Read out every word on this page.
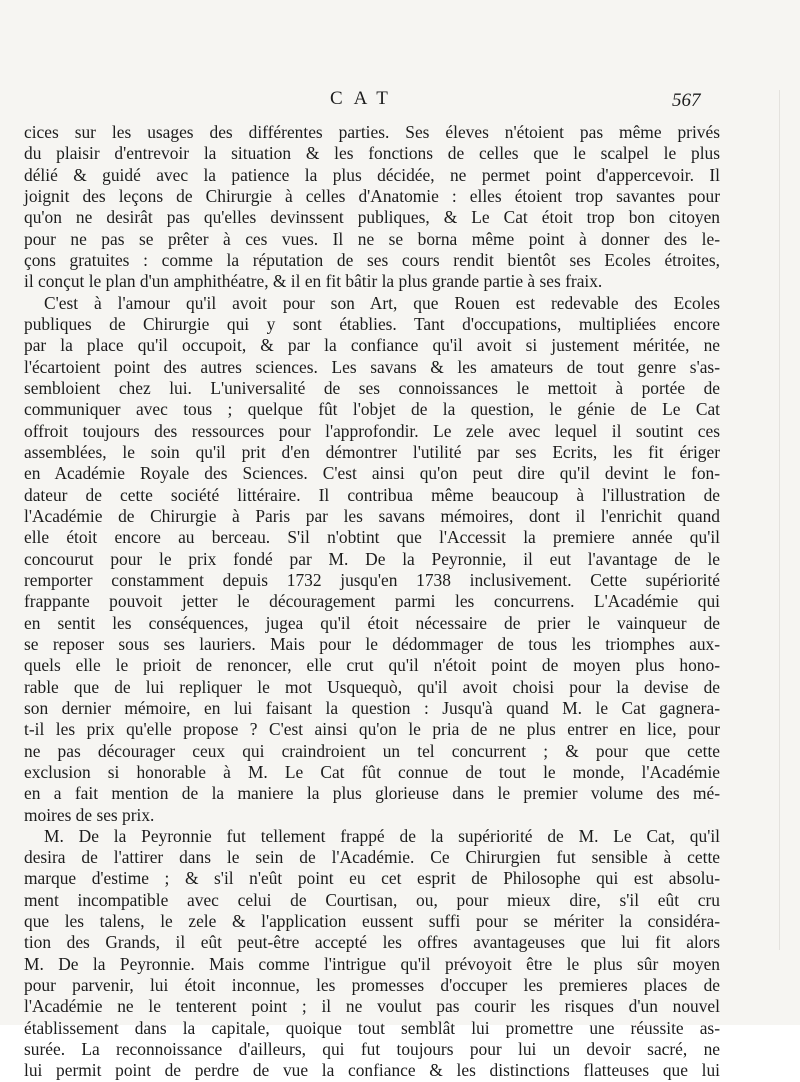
CAT	567
cices sur les usages des différentes parties. Ses éleves n'étoient pas même privés
du plaisir d'entrevoir la situation & les fonctions de celles que le scalpel le plus
délié & guidé avec la patience la plus décidée, ne permet point d'appercevoir. Il
joignit des leçons de Chirurgie à celles d'Anatomie : elles étoient trop savantes pour
qu'on ne desirât pas qu'elles devinssent publiques, & Le Cat étoit trop bon citoyen
pour ne pas se prêter à ces vues. Il ne se borna même point à donner des le-
çons gratuites : comme la réputation de ses cours rendit bientôt ses Ecoles étroites,
il conçut le plan d'un amphithéatre, & il en fit bâtir la plus grande partie à ses fraix.
C'est à l'amour qu'il avoit pour son Art, que Rouen est redevable des Ecoles
publiques de Chirurgie qui y sont établies. Tant d'occupations, multipliées encore
par la place qu'il occupoit, & par la confiance qu'il avoit si justement méritée, ne
l'écartoient point des autres sciences. Les savans & les amateurs de tout genre s'as-
sembloient chez lui. L'universalité de ses connoissances le mettoit à portée de
communiquer avec tous ; quelque fût l'objet de la question, le génie de Le Cat
offroit toujours des ressources pour l'approfondir. Le zele avec lequel il soutint ces
assemblées, le soin qu'il prit d'en démontrer l'utilité par ses Ecrits, les fit ériger
en Académie Royale des Sciences. C'est ainsi qu'on peut dire qu'il devint le fon-
dateur de cette société littéraire. Il contribua même beaucoup à l'illustration de
l'Académie de Chirurgie à Paris par les savans mémoires, dont il l'enrichit quand
elle étoit encore au berceau. S'il n'obtint que l'Accessit la premiere année qu'il
concourut pour le prix fondé par M. De la Peyronnie, il eut l'avantage de le
remporter constamment depuis 1732 jusqu'en 1738 inclusivement. Cette supériorité
frappante pouvoit jetter le découragement parmi les concurrens. L'Académie qui
en sentit les conséquences, jugea qu'il étoit nécessaire de prier le vainqueur de
se reposer sous ses lauriers. Mais pour le dédommager de tous les triomphes aux-
quels elle le prioit de renoncer, elle crut qu'il n'étoit point de moyen plus hono-
rable que de lui repliquer le mot Usquequò, qu'il avoit choisi pour la devise de
son dernier mémoire, en lui faisant la question : Jusqu'à quand M. le Cat gagnera-
t-il les prix qu'elle propose ? C'est ainsi qu'on le pria de ne plus entrer en lice, pour
ne pas décourager ceux qui craindroient un tel concurrent ; & pour que cette
exclusion si honorable à M. Le Cat fût connue de tout le monde, l'Académie
en a fait mention de la maniere la plus glorieuse dans le premier volume des mé-
moires de ses prix.
M. De la Peyronnie fut tellement frappé de la supériorité de M. Le Cat, qu'il
desira de l'attirer dans le sein de l'Académie. Ce Chirurgien fut sensible à cette
marque d'estime ; & s'il n'eût point eu cet esprit de Philosophe qui est absolu-
ment incompatible avec celui de Courtisan, ou, pour mieux dire, s'il eût cru
que les talens, le zele & l'application eussent suffi pour se mériter la considéra-
tion des Grands, il eût peut-être accepté les offres avantageuses que lui fit alors
M. De la Peyronnie. Mais comme l'intrigue qu'il prévoyoit être le plus sûr moyen
pour parvenir, lui étoit inconnue, les promesses d'occuper les premieres places de
l'Académie ne le tenterent point ; il ne voulut pas courir les risques d'un nouvel
établissement dans la capitale, quoique tout semblât lui promettre une réussite as-
surée. La reconnoissance d'ailleurs, qui fut toujours pour lui un devoir sacré, ne
lui permit point de perdre de vue la confiance & les distinctions flatteuses que lui
